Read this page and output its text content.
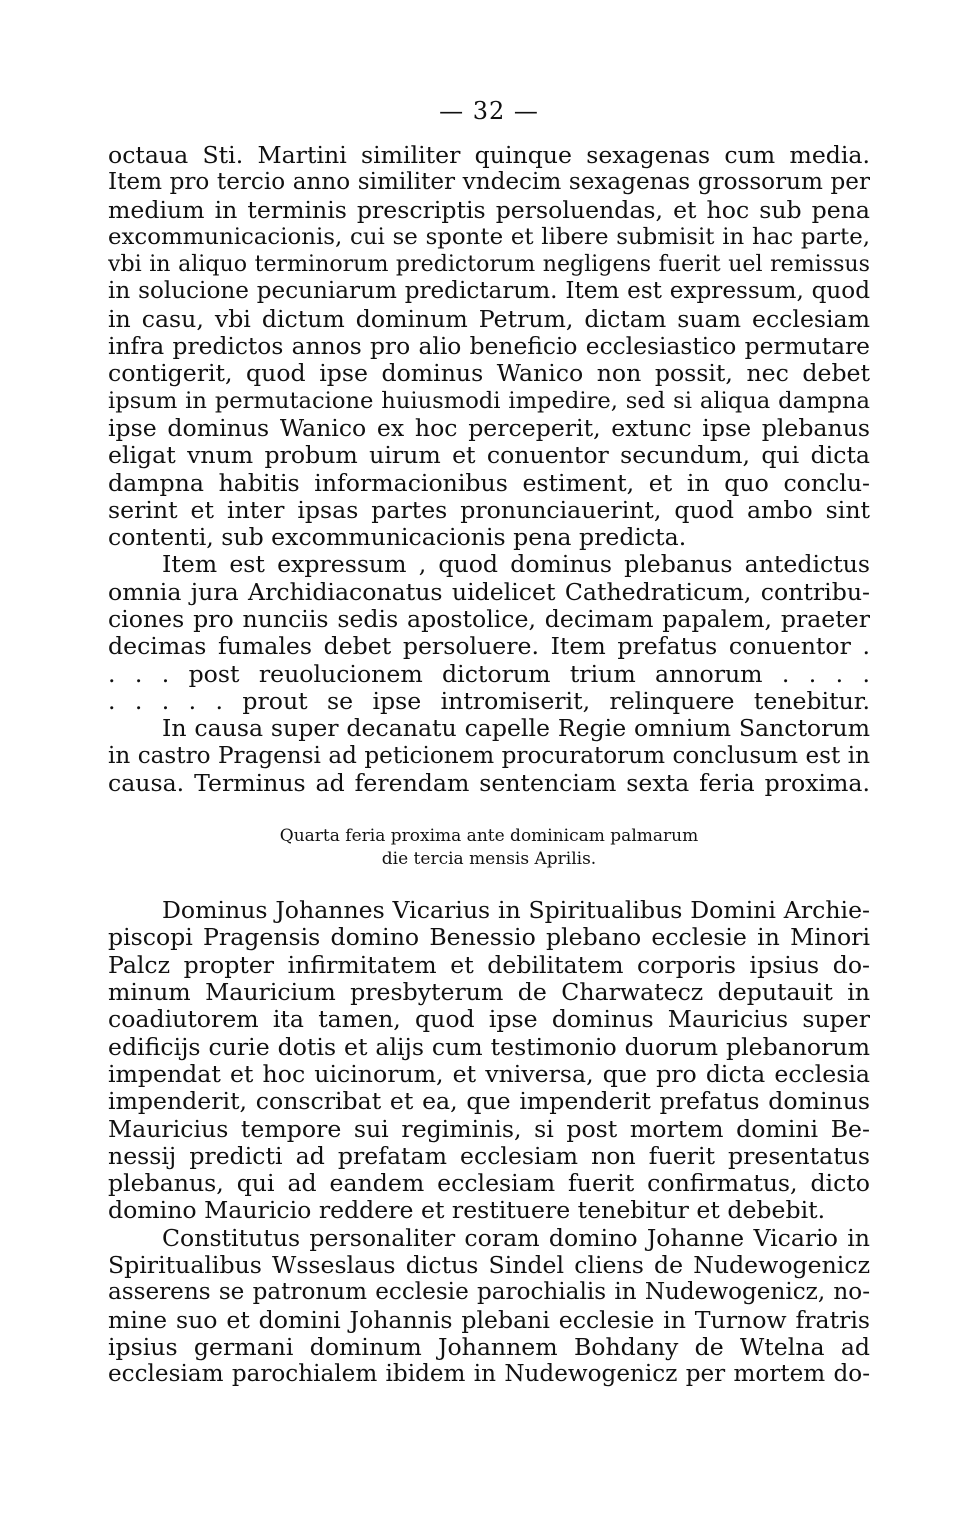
— 32 —
octaua Sti. Martini similiter quinque sexagenas cum media.
Item pro tercio anno similiter vndecim sexagenas grossorum per
medium in terminis prescriptis persoluendas, et hoc sub pena
excommunicacionis, cui se sponte et libere submisit in hac parte,
vbi in aliquo terminorum predictorum negligens fuerit uel remissus
in solucione pecuniarum predictarum. Item est expressum, quod
in casu, vbi dictum dominum Petrum, dictam suam ecclesiam
infra predictos annos pro alio beneficio ecclesiastico permutare
contigerit, quod ipse dominus Wanico non possit, nec debet
ipsum in permutacione huiusmodi impedire, sed si aliqua dampna
ipse dominus Wanico ex hoc perceperit, extunc ipse plebanus
eligat vnum probum uirum et conuentor secundum, qui dicta
dampna habitis informacionibus estiment, et in quo conclu-
serint et inter ipsas partes pronunciauerint, quod ambo sint
contenti, sub excommunicacionis pena predicta.
Item est expressum , quod dominus plebanus antedictus
omnia jura Archidiaconatus uidelicet Cathedraticum, contribu-
ciones pro nunciis sedis apostolice, decimam papalem, praeter
decimas fumales debet persoluere. Item prefatus conuentor .
. . . post reuolucionem dictorum trium annorum . . . .
. . . . . prout se ipse intromiserit, relinquere tenebitur.
In causa super decanatu capelle Regie omnium Sanctorum
in castro Pragensi ad peticionem procuratorum conclusum est in
causa. Terminus ad ferendam sentenciam sexta feria proxima.
Quarta feria proxima ante dominicam palmarum
die tercia mensis Aprilis.
Dominus Johannes Vicarius in Spiritualibus Domini Archie-
piscopi Pragensis domino Benessio plebano ecclesie in Minori
Palcz propter infirmitatem et debilitatem corporis ipsius do-
minum Mauricium presbyterum de Charwatecz deputauit in
coadiutorem ita tamen, quod ipse dominus Mauricius super
edificijs curie dotis et alijs cum testimonio duorum plebanorum
impendat et hoc uicinorum, et vniversa, que pro dicta ecclesia
impenderit, conscribat et ea, que impenderit prefatus dominus
Mauricius tempore sui regiminis, si post mortem domini Be-
nessij predicti ad prefatam ecclesiam non fuerit presentatus
plebanus, qui ad eandem ecclesiam fuerit confirmatus, dicto
domino Mauricio reddere et restituere tenebitur et debebit.
Constitutus personaliter coram domino Johanne Vicario in
Spiritualibus Wsseslaus dictus Sindel cliens de Nudewogenicz
asserens se patronum ecclesie parochialis in Nudewogenicz, no-
mine suo et domini Johannis plebani ecclesie in Turnow fratris
ipsius germani dominum Johannem Bohdany de Wtelna ad
ecclesiam parochialem ibidem in Nudewogenicz per mortem do-
